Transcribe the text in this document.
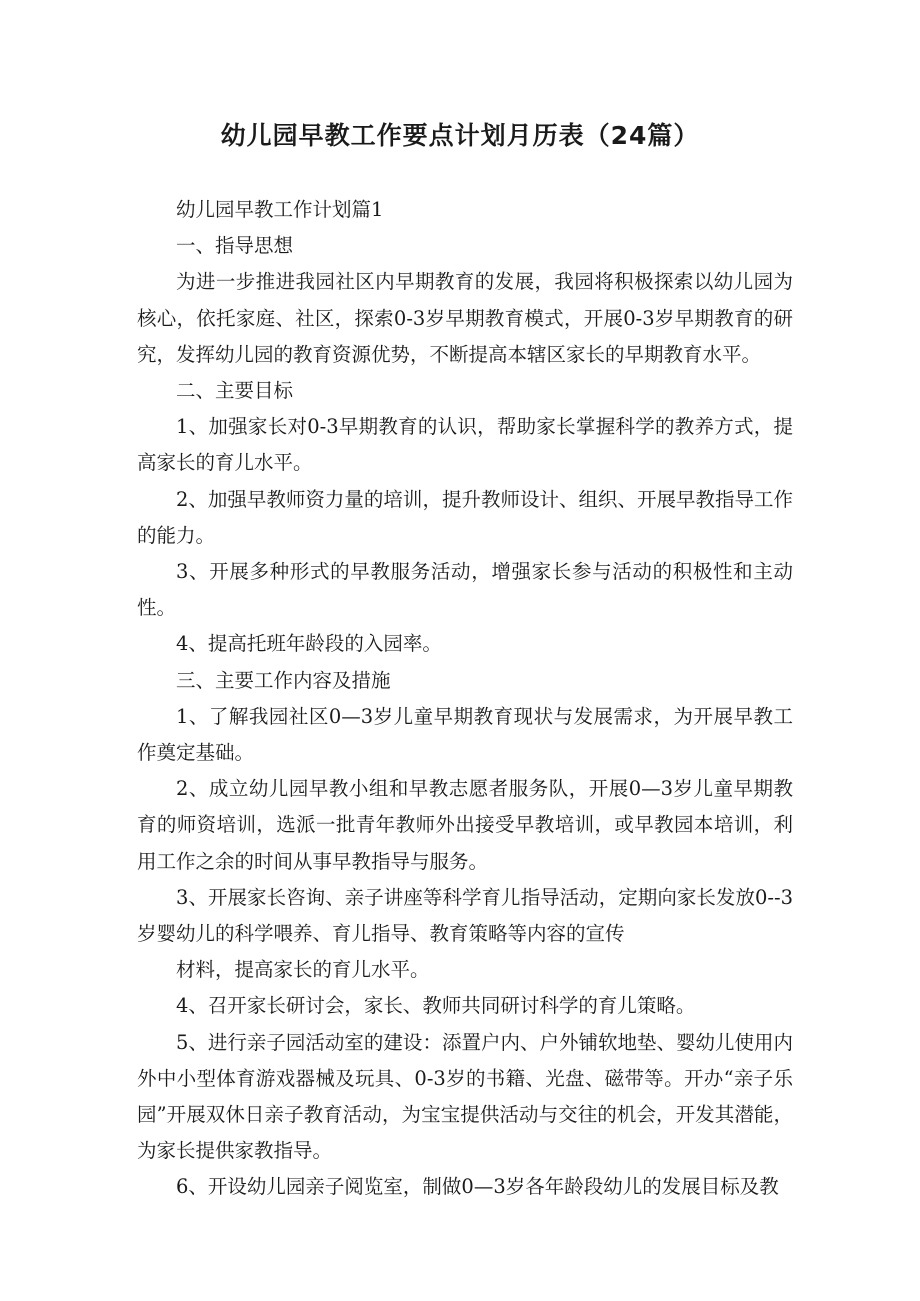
幼儿园早教工作要点计划月历表（24篇）

幼儿园早教工作计划篇1

一、指导思想

为进一步推进我园社区内早期教育的发展，我园将积极探索以幼儿园为核心，依托家庭、社区，探索0-3岁早期教育模式，开展0-3岁早期教育的研究，发挥幼儿园的教育资源优势，不断提高本辖区家长的早期教育水平。

二、主要目标

1、加强家长对0-3早期教育的认识，帮助家长掌握科学的教养方式，提高家长的育儿水平。

2、加强早教师资力量的培训，提升教师设计、组织、开展早教指导工作的能力。

3、开展多种形式的早教服务活动，增强家长参与活动的积极性和主动性。

4、提高托班年龄段的入园率。

三、主要工作内容及措施

1、了解我园社区0—3岁儿童早期教育现状与发展需求，为开展早教工作奠定基础。

2、成立幼儿园早教小组和早教志愿者服务队，开展0—3岁儿童早期教育的师资培训，选派一批青年教师外出接受早教培训，或早教园本培训，利用工作之余的时间从事早教指导与服务。

3、开展家长咨询、亲子讲座等科学育儿指导活动，定期向家长发放0--3岁婴幼儿的科学喂养、育儿指导、教育策略等内容的宣传

材料，提高家长的育儿水平。

4、召开家长研讨会，家长、教师共同研讨科学的育儿策略。

5、进行亲子园活动室的建设：添置户内、户外铺软地垫、婴幼儿使用内外中小型体育游戏器械及玩具、0-3岁的书籍、光盘、磁带等。开办“亲子乐园”开展双休日亲子教育活动，为宝宝提供活动与交往的机会，开发其潜能，为家长提供家教指导。

6、开设幼儿园亲子阅览室，制做0—3岁各年龄段幼儿的发展目标及教
